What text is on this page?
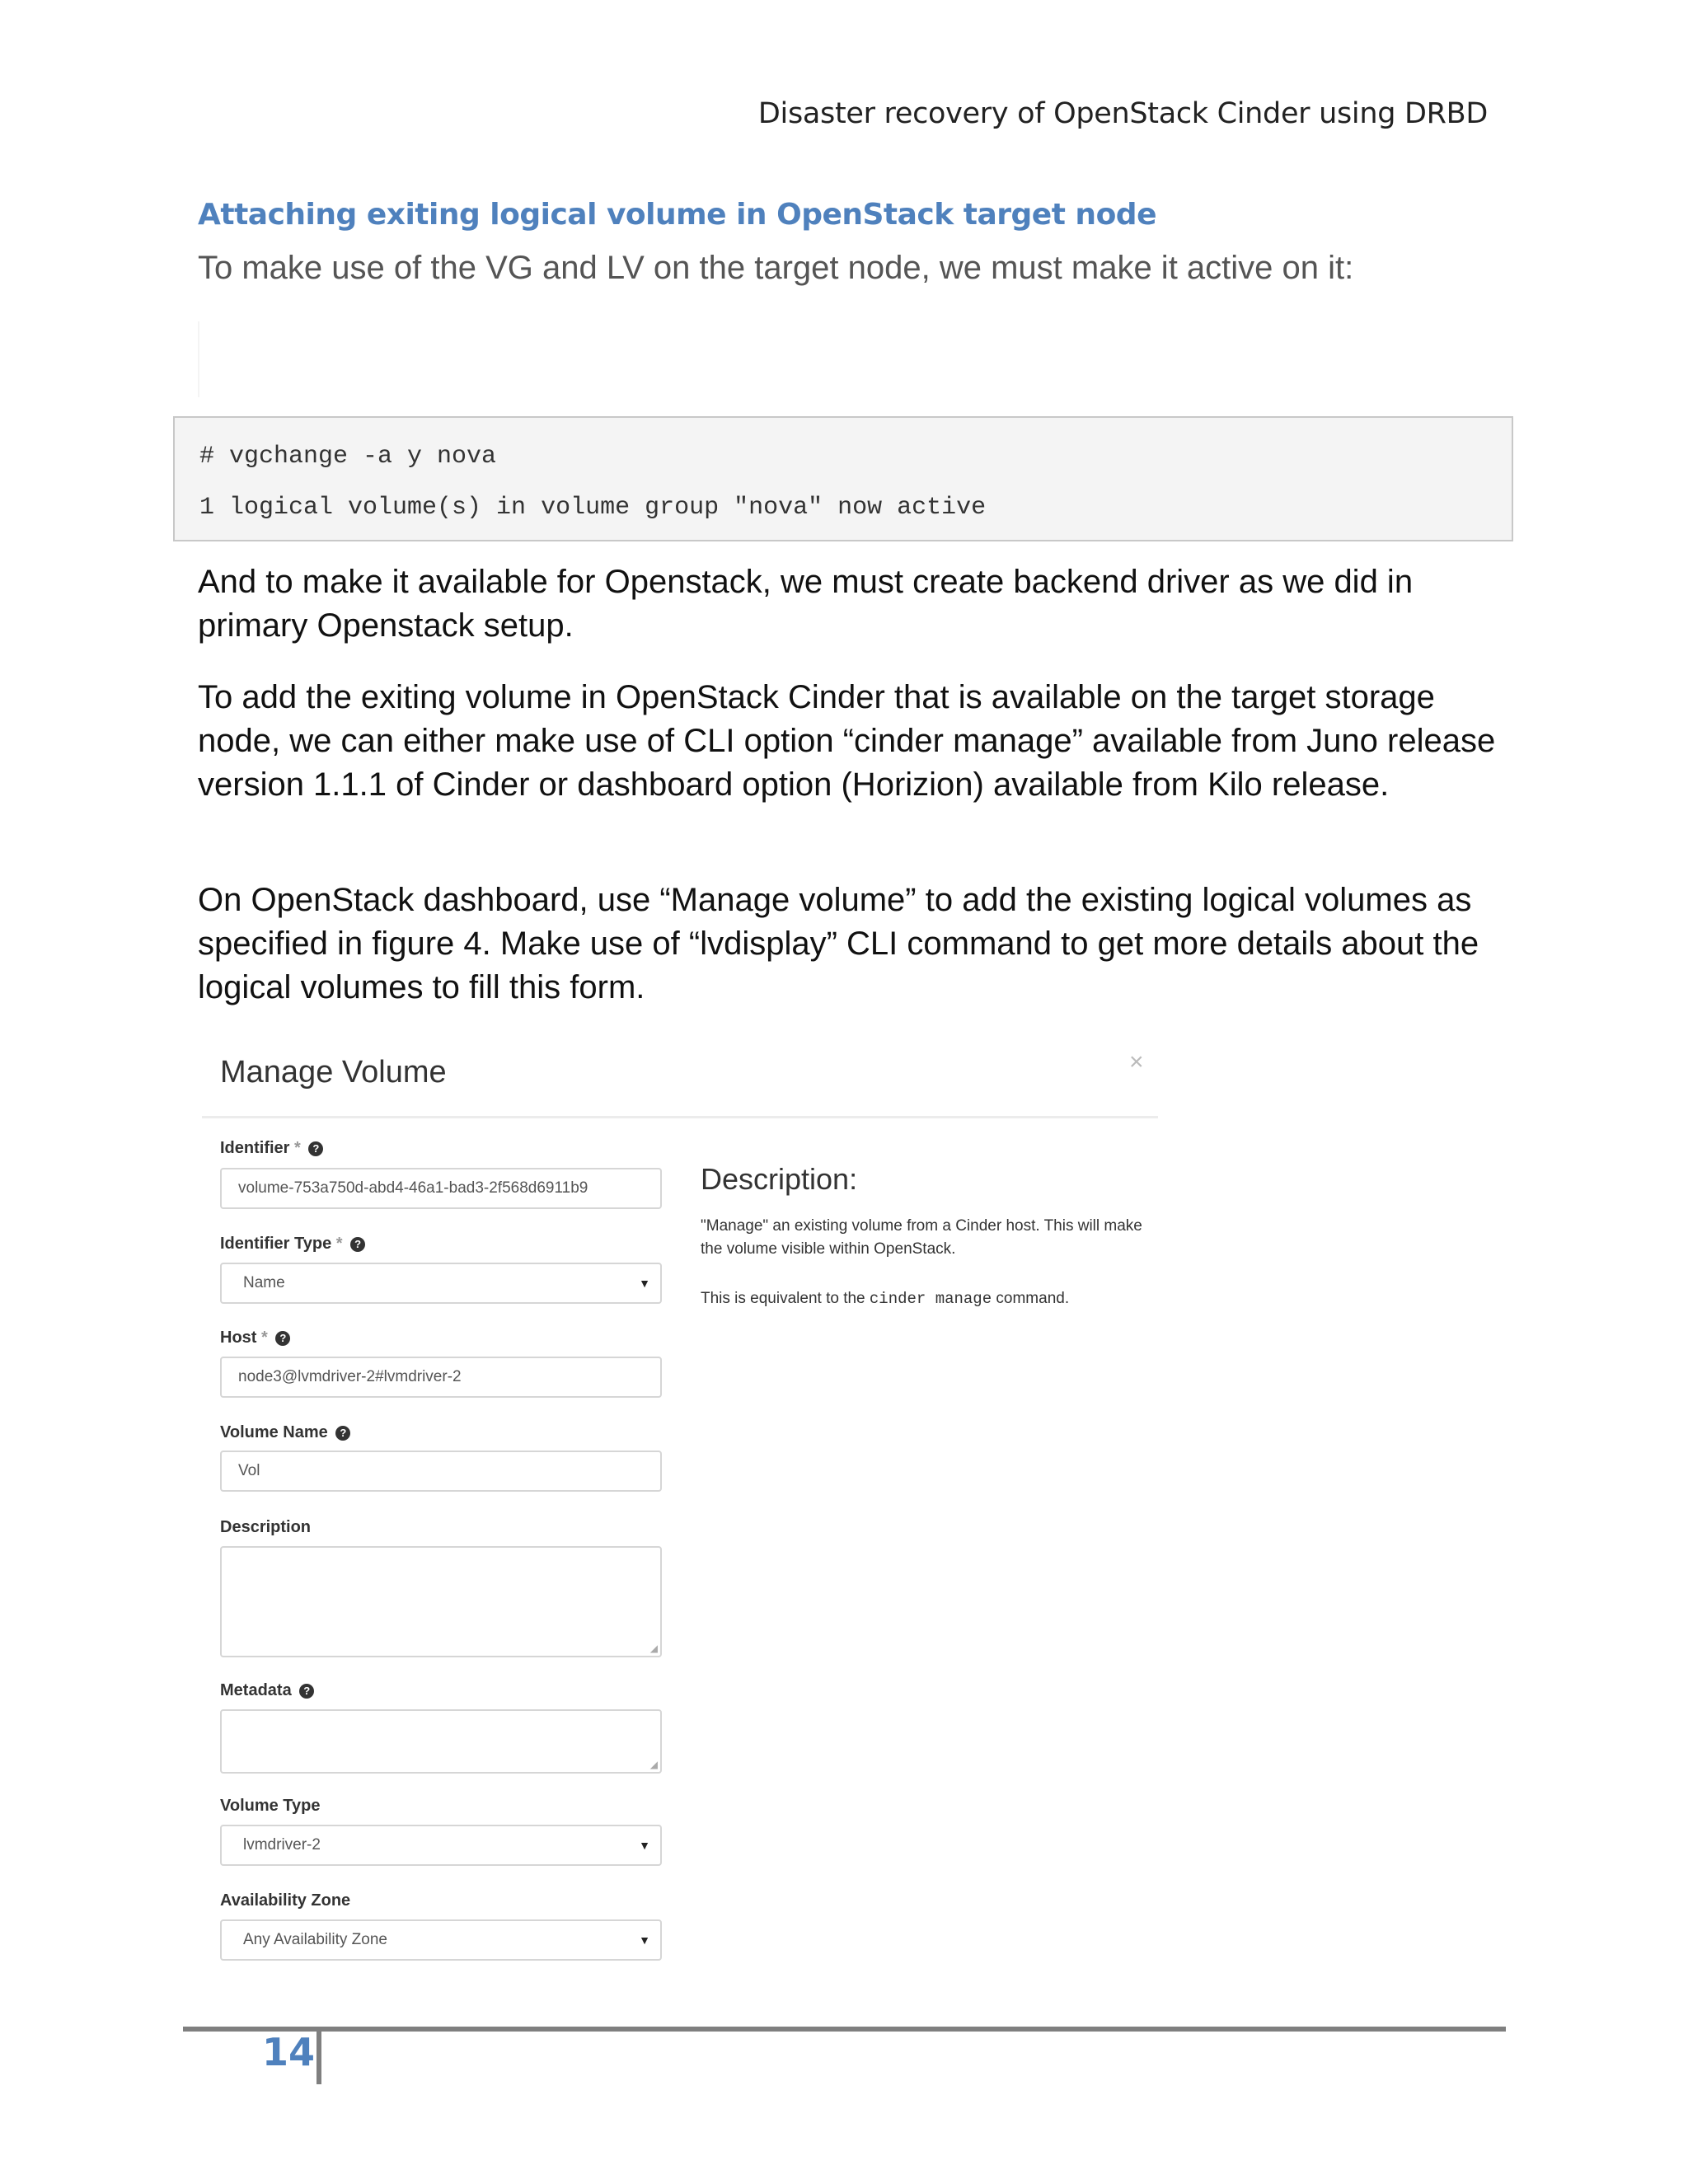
Disaster recovery of OpenStack Cinder using DRBD
Attaching exiting logical volume in OpenStack target node

To make use of the VG and LV on the target node, we must make it active on it:

# vgchange -a y nova
1 logical volume(s) in volume group "nova" now active

And to make it available for Openstack, we must create backend driver as we did in primary Openstack setup.

To add the exiting volume in OpenStack Cinder that is available on the target storage node, we can either make use of CLI option “cinder manage” available from Juno release version 1.1.1 of Cinder or dashboard option (Horizion) available from Kilo release.

On OpenStack dashboard, use “Manage volume” to add the existing logical volumes as specified in figure 4. Make use of “lvdisplay” CLI command to get more details about the logical volumes to fill this form.

Manage Volume	×
Identifier * ?
volume-753a750d-abd4-46a1-bad3-2f568d6911b9
Identifier Type * ?
Name	▼
Host * ?
node3@lvmdriver-2#lvmdriver-2
Volume Name ?
Vol
Description
◢
Metadata ?
◢
Volume Type
lvmdriver-2	▼
Availability Zone
Any Availability Zone	▼
Description:
"Manage" an existing volume from a Cinder host. This will make the volume visible within OpenStack.
This is equivalent to the cinder manage command.
14
